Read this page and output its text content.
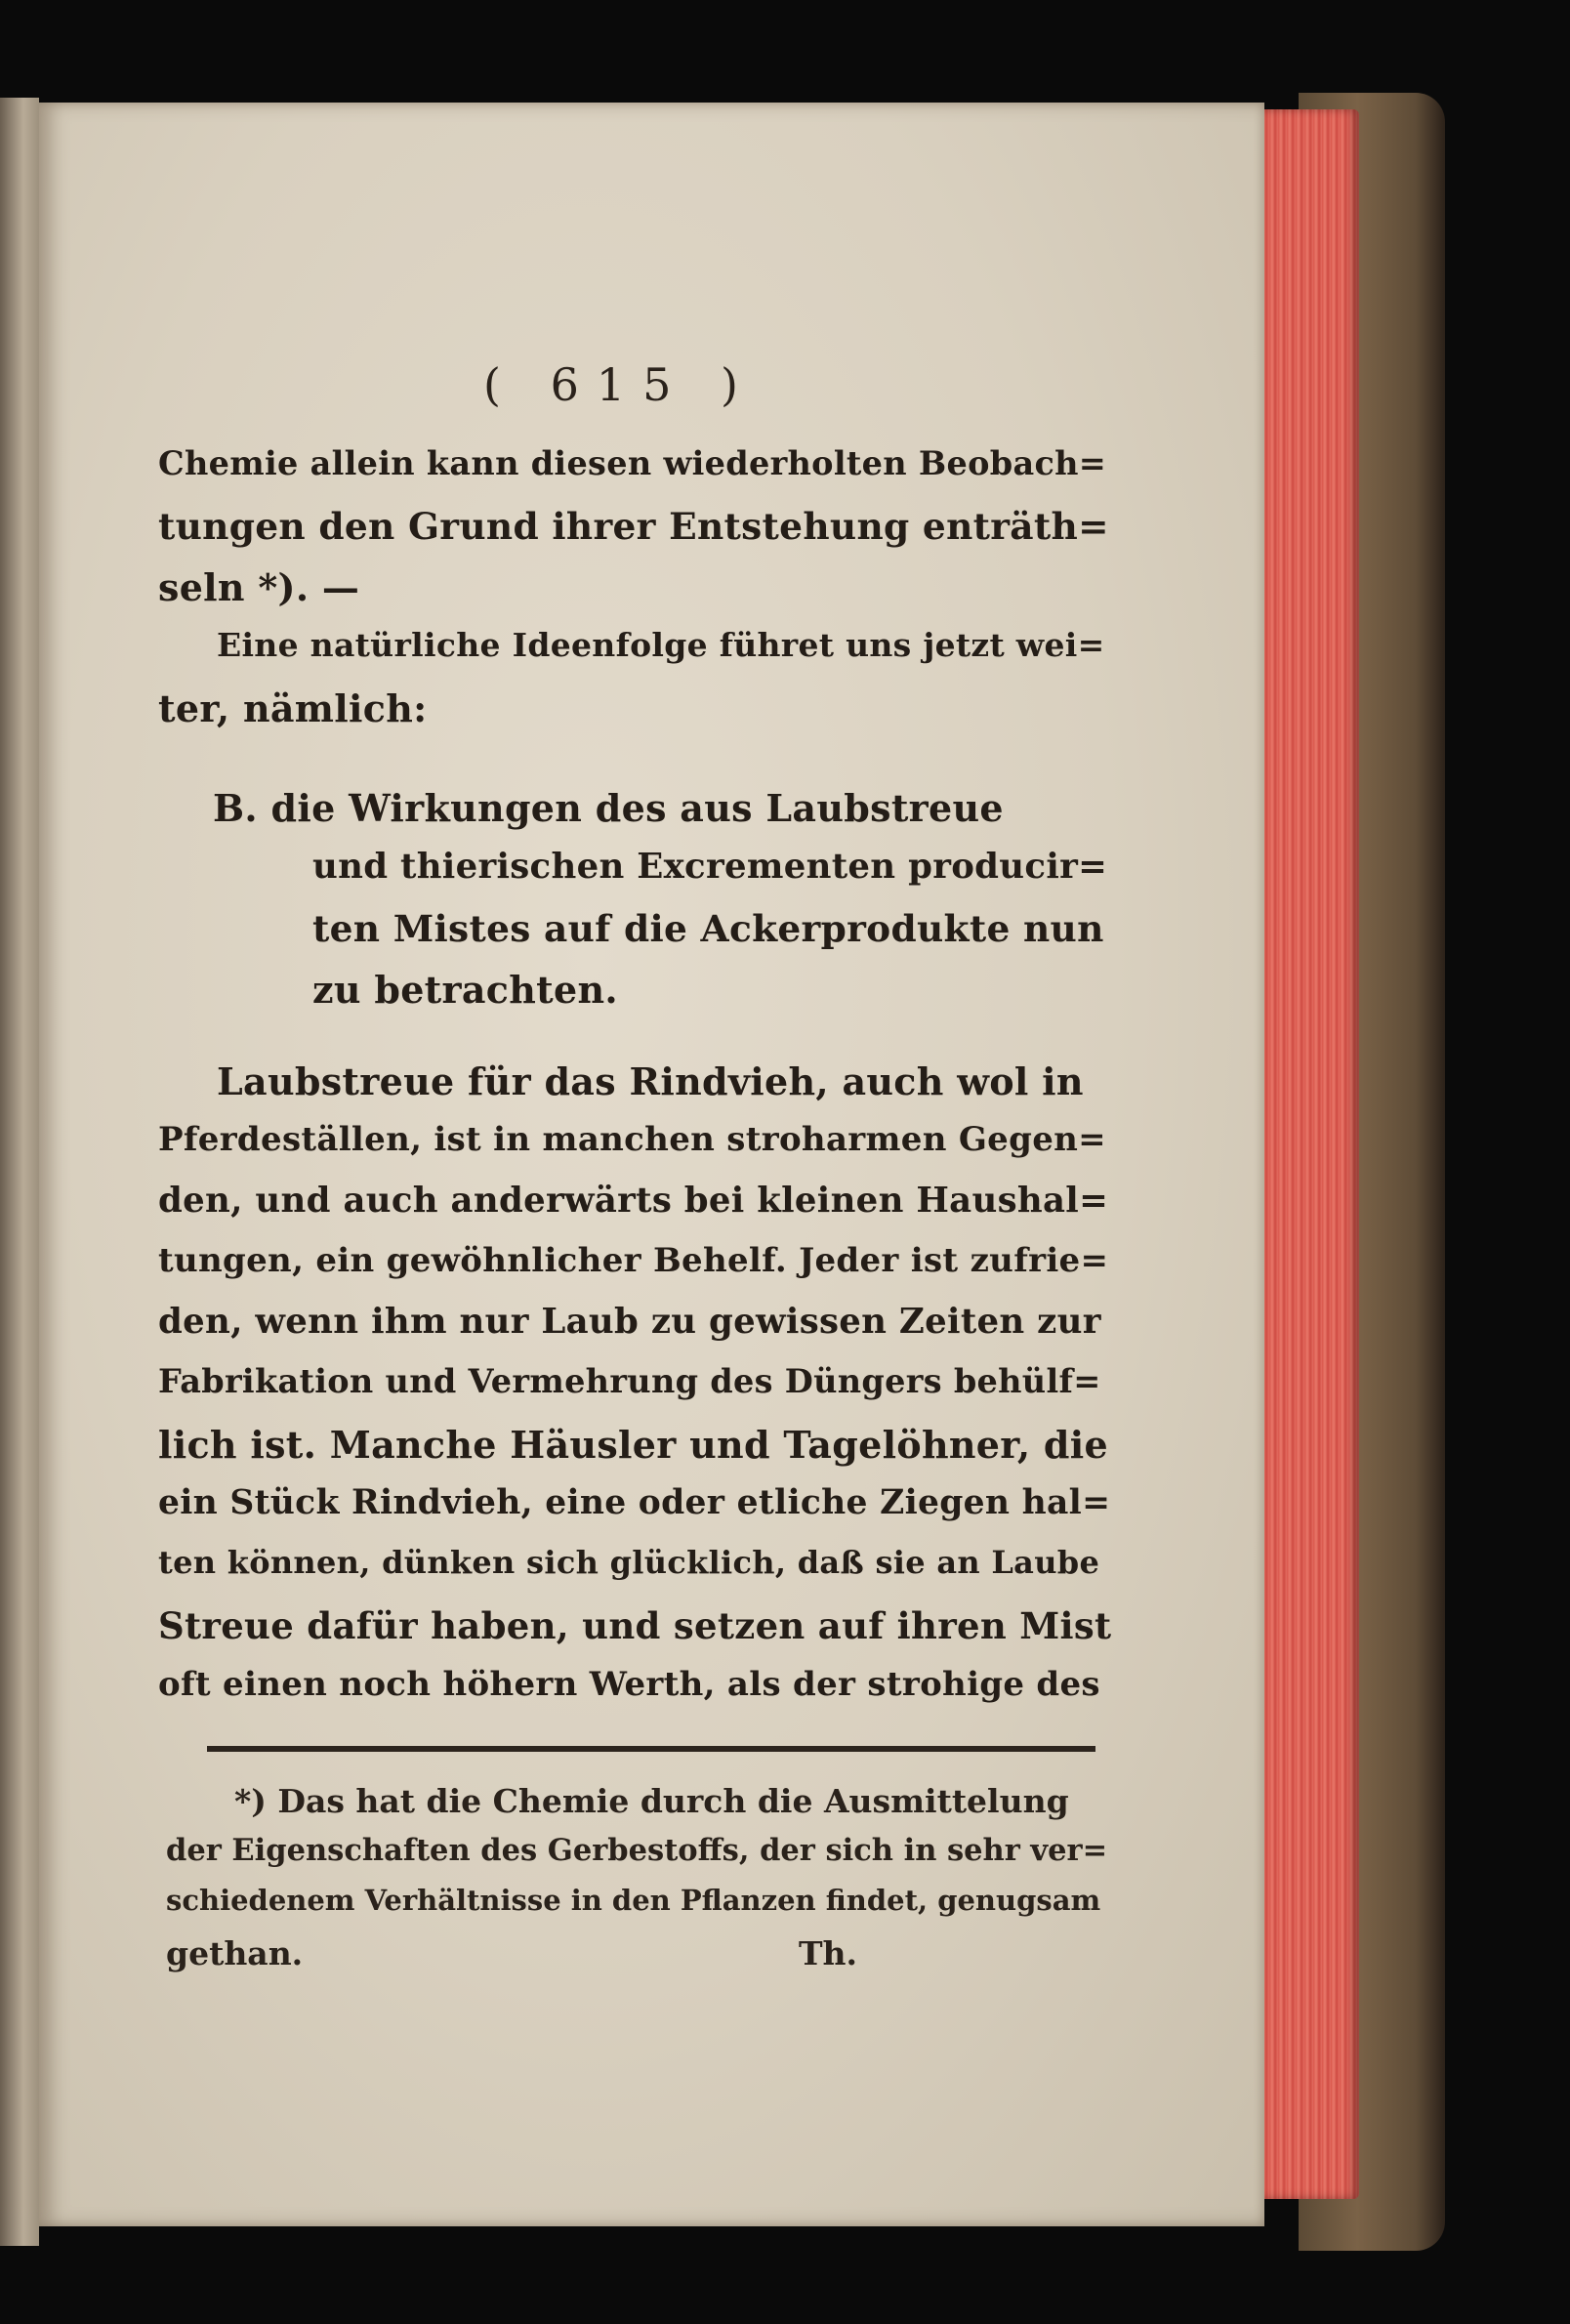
( 615 )
Chemie allein kann diesen wiederholten Beobach=
tungen den Grund ihrer Entstehung enträth=
seln *). —
Eine natürliche Ideenfolge führet uns jetzt wei=
ter, nämlich:
B. die Wirkungen des aus Laubstreue
und thierischen Excrementen producir=
ten Mistes auf die Ackerprodukte nun
zu betrachten.
Laubstreue für das Rindvieh, auch wol in
Pferdeställen, ist in manchen stroharmen Gegen=
den, und auch anderwärts bei kleinen Haushal=
tungen, ein gewöhnlicher Behelf. Jeder ist zufrie=
den, wenn ihm nur Laub zu gewissen Zeiten zur
Fabrikation und Vermehrung des Düngers behülf=
lich ist. Manche Häusler und Tagelöhner, die
ein Stück Rindvieh, eine oder etliche Ziegen hal=
ten können, dünken sich glücklich, daß sie an Laube
Streue dafür haben, und setzen auf ihren Mist
oft einen noch höhern Werth, als der strohige des
*) Das hat die Chemie durch die Ausmittelung
der Eigenschaften des Gerbestoffs, der sich in sehr ver=
schiedenem Verhältnisse in den Pflanzen findet, genugsam
gethan.	Th.
